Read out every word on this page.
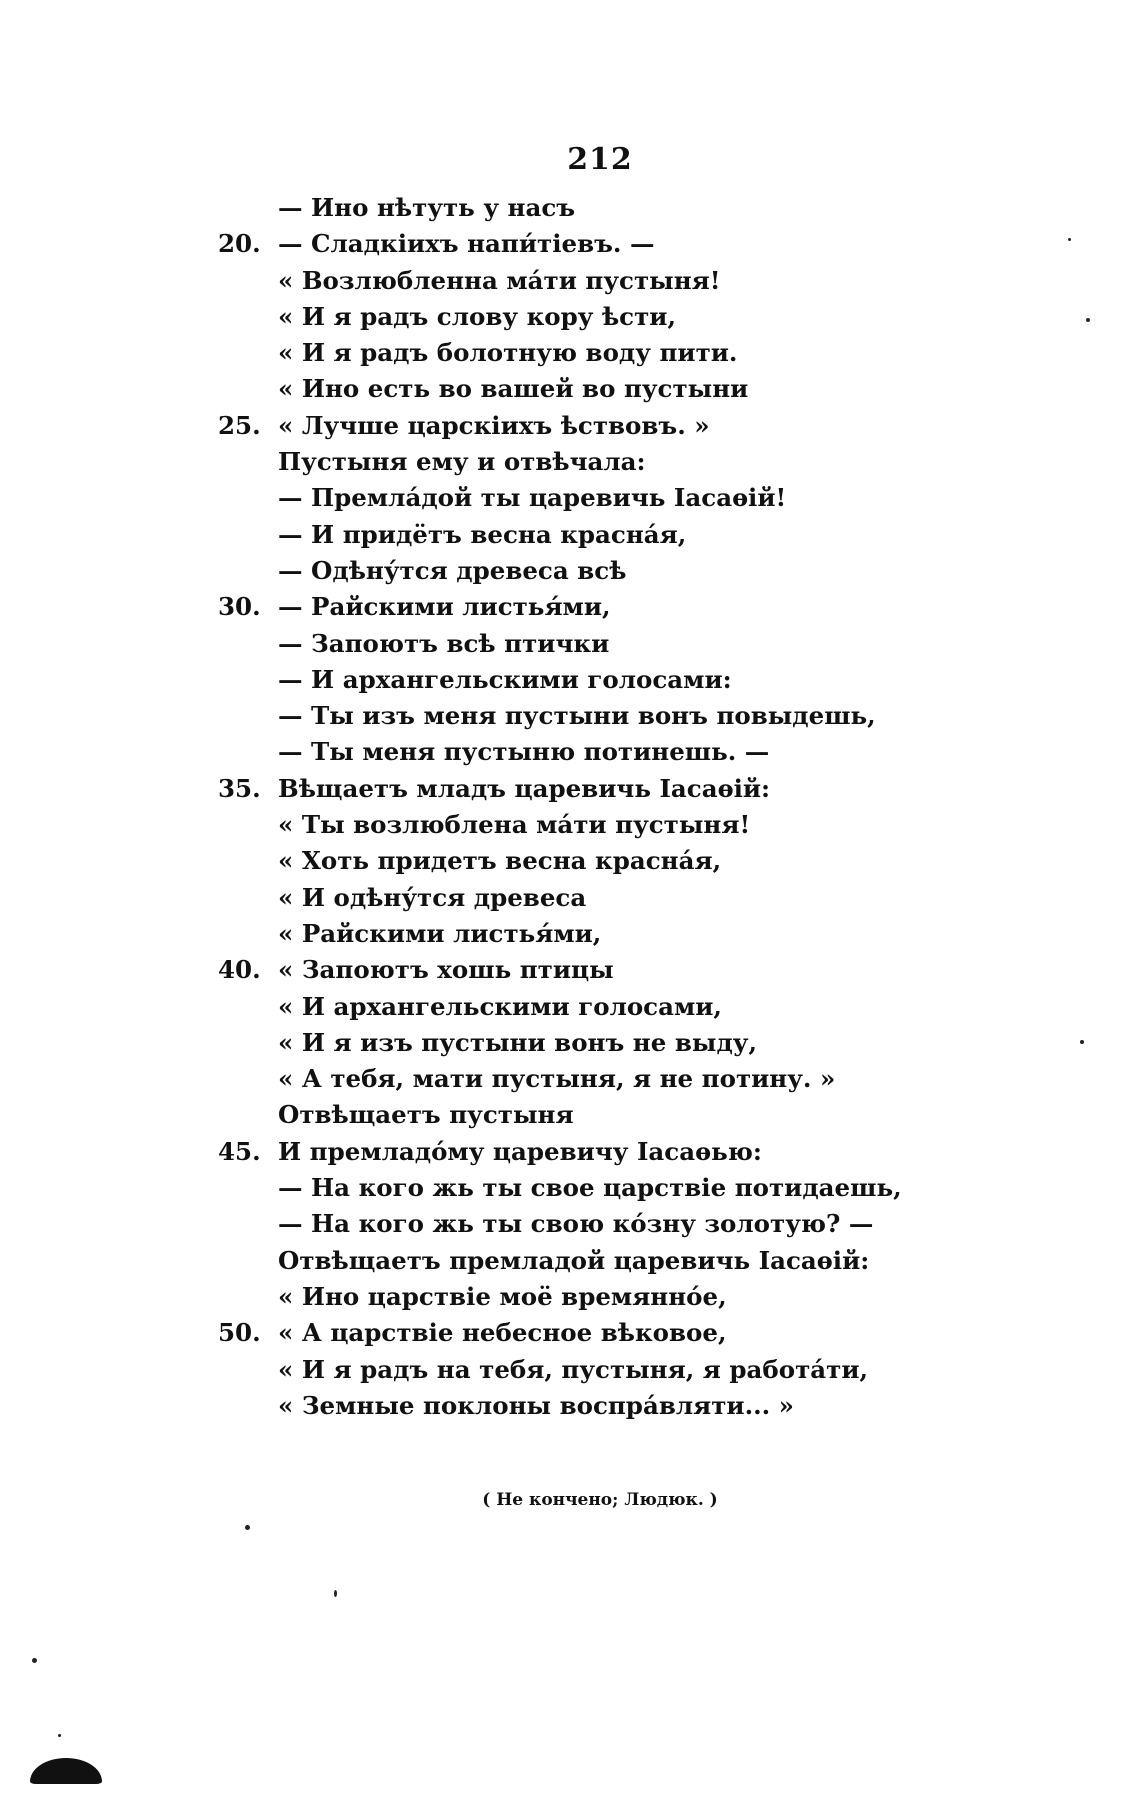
212
— Ино нѣтуть у насъ
20. — Сладкіихъ напи́тіевъ. —
« Возлюбленна ма́ти пустыня!
« И я радъ слову кору ѣсти,
« И я радъ болотную воду пити.
« Ино есть во вашей во пустыни
25. « Лучше царскіихъ ѣствовъ. »
Пустыня ему и отвѣчала:
— Премла́дой ты царевичь Іасаѳій!
— И придётъ весна красна́я,
— Одѣну́тся древеса всѣ
30. — Райскими листья́ми,
— Запоютъ всѣ птички
— И архангельскими голосами:
— Ты изъ меня пустыни вонъ повыдешь,
— Ты меня пустыню потинешь. —
35. Вѣщаетъ младъ царевичь Іасаѳій:
« Ты возлюблена ма́ти пустыня!
« Хоть придетъ весна красна́я,
« И одѣну́тся древеса
« Райскими листья́ми,
40. « Запоютъ хошь птицы
« И архангельскими голосами,
« И я изъ пустыни вонъ не выду,
« А тебя, мати пустыня, я не потину. »
Отвѣщаетъ пустыня
45. И премладо́му царевичу Іасаѳью:
— На кого жь ты свое царствіе потидаешь,
— На кого жь ты свою ко́зну золотую? —
Отвѣщаетъ премладой царевичь Іасаѳій:
« Ино царствіе моё времянно́е,
50. « А царствіе небесное вѣковое,
« И я радъ на тебя, пустыня, я работа́ти,
« Земные поклоны воспра́вляти... »
( Не кончено; Людюк. )
